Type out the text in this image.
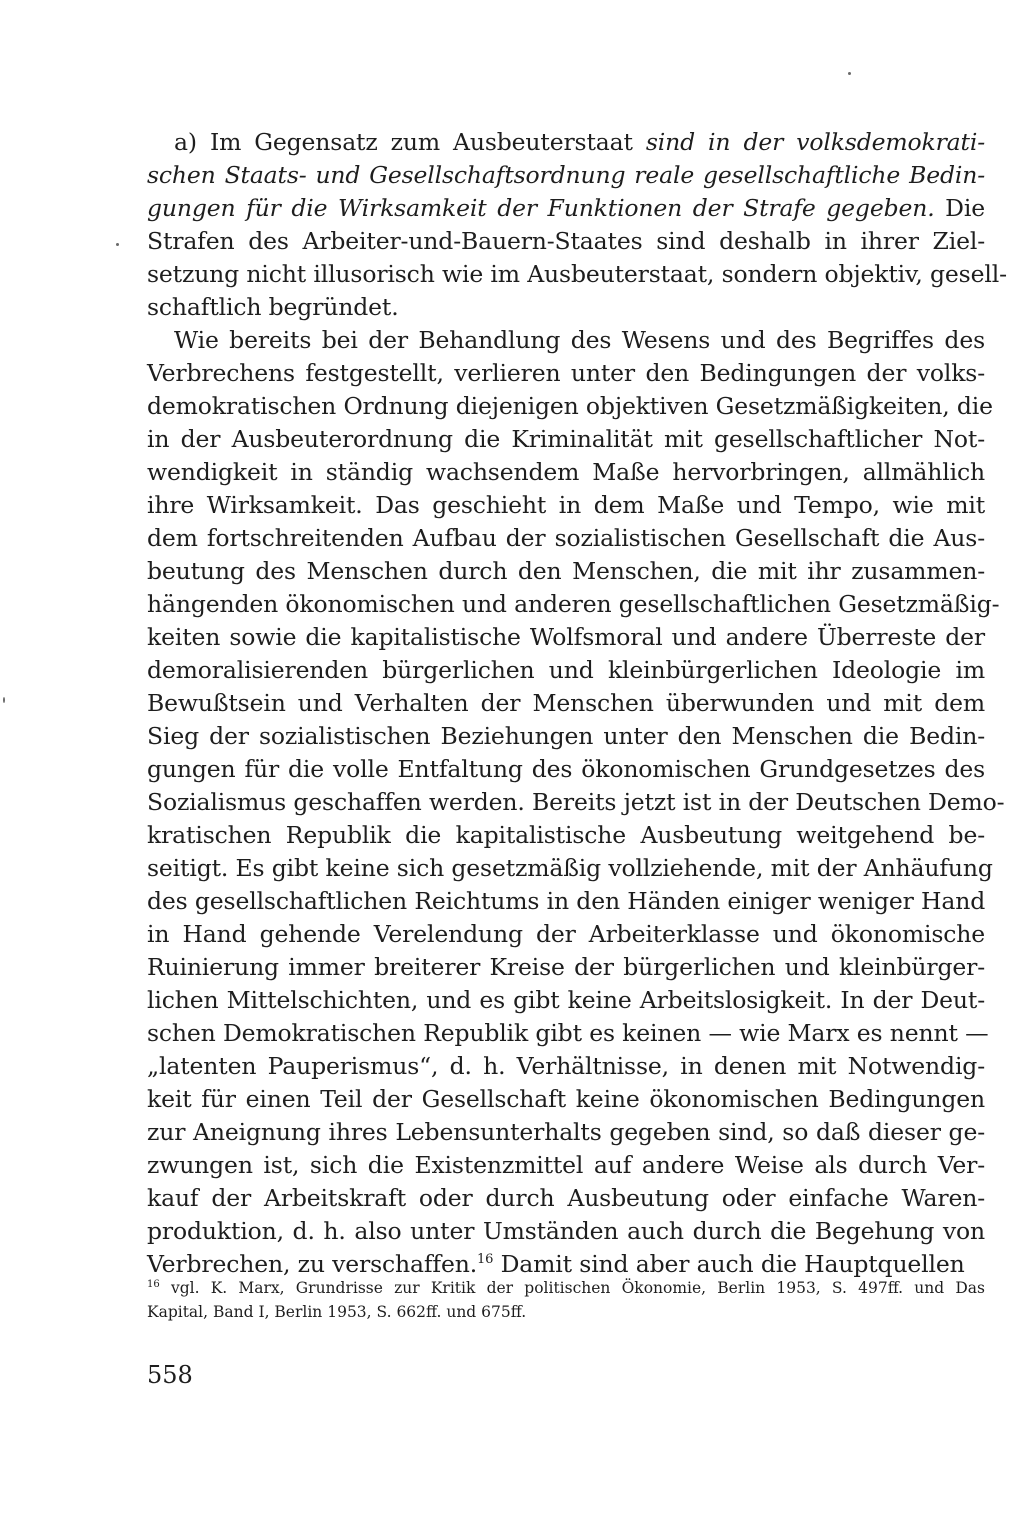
a) Im Gegensatz zum Ausbeuterstaat sind in der volksdemokrati-
schen Staats- und Gesellschaftsordnung reale gesellschaftliche Bedin-
gungen für die Wirksamkeit der Funktionen der Strafe gegeben. Die
Strafen des Arbeiter-und-Bauern-Staates sind deshalb in ihrer Ziel-
setzung nicht illusorisch wie im Ausbeuterstaat, sondern objektiv, gesell-
schaftlich begründet.
Wie bereits bei der Behandlung des Wesens und des Begriffes des
Verbrechens festgestellt, verlieren unter den Bedingungen der volks-
demokratischen Ordnung diejenigen objektiven Gesetzmäßigkeiten, die
in der Ausbeuterordnung die Kriminalität mit gesellschaftlicher Not-
wendigkeit in ständig wachsendem Maße hervorbringen, allmählich
ihre Wirksamkeit. Das geschieht in dem Maße und Tempo, wie mit
dem fortschreitenden Aufbau der sozialistischen Gesellschaft die Aus-
beutung des Menschen durch den Menschen, die mit ihr zusammen-
hängenden ökonomischen und anderen gesellschaftlichen Gesetzmäßig-
keiten sowie die kapitalistische Wolfsmoral und andere Überreste der
demoralisierenden bürgerlichen und kleinbürgerlichen Ideologie im
Bewußtsein und Verhalten der Menschen überwunden und mit dem
Sieg der sozialistischen Beziehungen unter den Menschen die Bedin-
gungen für die volle Entfaltung des ökonomischen Grundgesetzes des
Sozialismus geschaffen werden. Bereits jetzt ist in der Deutschen Demo-
kratischen Republik die kapitalistische Ausbeutung weitgehend be-
seitigt. Es gibt keine sich gesetzmäßig vollziehende, mit der Anhäufung
des gesellschaftlichen Reichtums in den Händen einiger weniger Hand
in Hand gehende Verelendung der Arbeiterklasse und ökonomische
Ruinierung immer breiterer Kreise der bürgerlichen und kleinbürger-
lichen Mittelschichten, und es gibt keine Arbeitslosigkeit. In der Deut-
schen Demokratischen Republik gibt es keinen — wie Marx es nennt —
„latenten Pauperismus“, d. h. Verhältnisse, in denen mit Notwendig-
keit für einen Teil der Gesellschaft keine ökonomischen Bedingungen
zur Aneignung ihres Lebensunterhalts gegeben sind, so daß dieser ge-
zwungen ist, sich die Existenzmittel auf andere Weise als durch Ver-
kauf der Arbeitskraft oder durch Ausbeutung oder einfache Waren-
produktion, d. h. also unter Umständen auch durch die Begehung von
Verbrechen, zu verschaffen.$^{16}$ Damit sind aber auch die Hauptquellen
$^{16}$ vgl. K. Marx, Grundrisse zur Kritik der politischen Ökonomie, Berlin 1953, S. 497ff. und Das
Kapital, Band I, Berlin 1953, S. 662ff. und 675ff.
558
